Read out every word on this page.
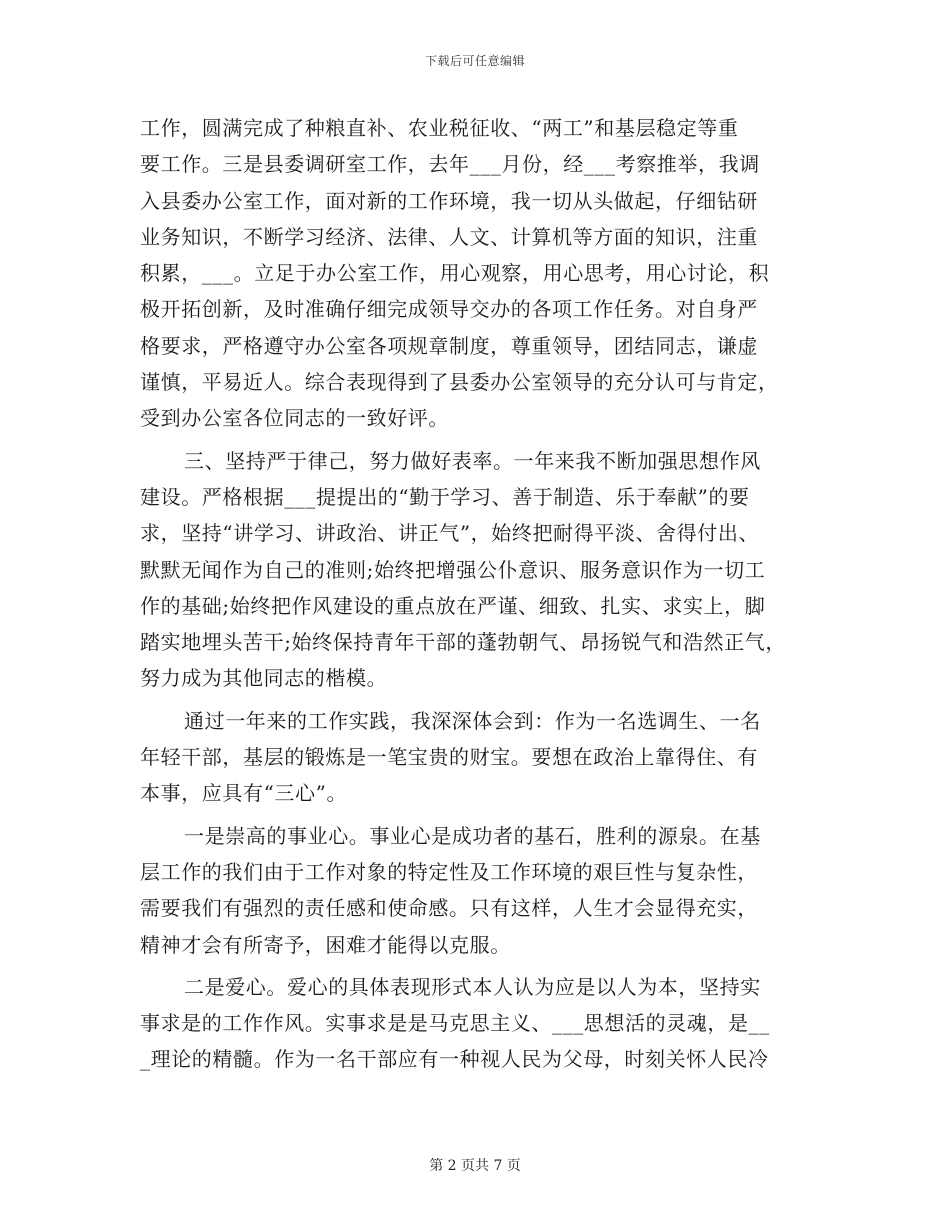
下载后可任意编辑
工作，圆满完成了种粮直补、农业税征收、“两工”和基层稳定等重
要工作。三是县委调研室工作，去年___月份，经___考察推举，我调
入县委办公室工作，面对新的工作环境，我一切从头做起，仔细钻研
业务知识，不断学习经济、法律、人文、计算机等方面的知识，注重
积累，___。立足于办公室工作，用心观察，用心思考，用心讨论，积
极开拓创新，及时准确仔细完成领导交办的各项工作任务。对自身严
格要求，严格遵守办公室各项规章制度，尊重领导，团结同志，谦虚
谨慎，平易近人。综合表现得到了县委办公室领导的充分认可与肯定，
受到办公室各位同志的一致好评。
三、坚持严于律己，努力做好表率。一年来我不断加强思想作风
建设。严格根据___提提出的“勤于学习、善于制造、乐于奉献”的要
求，坚持“讲学习、讲政治、讲正气”，始终把耐得平淡、舍得付出、
默默无闻作为自己的准则;始终把增强公仆意识、服务意识作为一切工
作的基础;始终把作风建设的重点放在严谨、细致、扎实、求实上，脚
踏实地埋头苦干;始终保持青年干部的蓬勃朝气、昂扬锐气和浩然正气，
努力成为其他同志的楷模。
通过一年来的工作实践，我深深体会到：作为一名选调生、一名
年轻干部，基层的锻炼是一笔宝贵的财宝。要想在政治上靠得住、有
本事，应具有“三心”。
一是崇高的事业心。事业心是成功者的基石，胜利的源泉。在基
层工作的我们由于工作对象的特定性及工作环境的艰巨性与复杂性，
需要我们有强烈的责任感和使命感。只有这样，人生才会显得充实，
精神才会有所寄予，困难才能得以克服。
二是爱心。爱心的具体表现形式本人认为应是以人为本，坚持实
事求是的工作作风。实事求是是马克思主义、___思想活的灵魂，是__
_理论的精髓。作为一名干部应有一种视人民为父母，时刻关怀人民冷
第 2 页共 7 页
